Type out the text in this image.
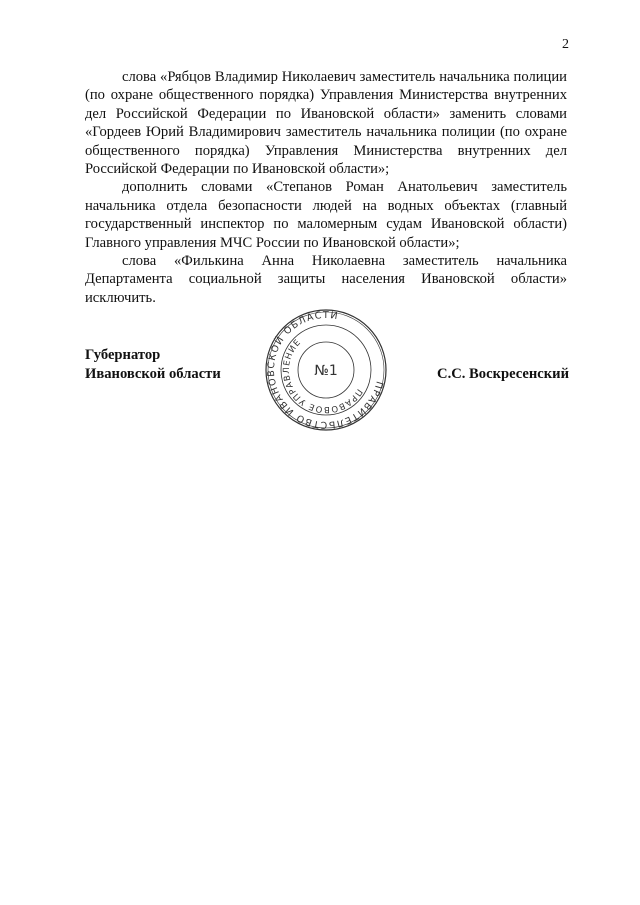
2

слова «Рябцов Владимир Николаевич заместитель начальника полиции (по охране общественного порядка) Управления Министерства внутренних дел Российской Федерации по Ивановской области» заменить словами «Гордеев Юрий Владимирович заместитель начальника полиции (по охране общественного порядка) Управления Министерства внутренних дел Российской Федерации по Ивановской области»;

дополнить словами «Степанов Роман Анатольевич заместитель начальника отдела безопасности людей на водных объектах (главный государственный инспектор по маломерным судам Ивановской области) Главного управления МЧС России по Ивановской области»;

слова «Филькина Анна Николаевна заместитель начальника Департамента социальной защиты населения Ивановской области» исключить.

Губернатор
Ивановской области
ПРАВИТЕЛЬСТВО ИВАНОВСКОЙ ОБЛАСТИ
ПРАВОВОЕ УПРАВЛЕНИЕ
№1	С.С. Воскресенский
